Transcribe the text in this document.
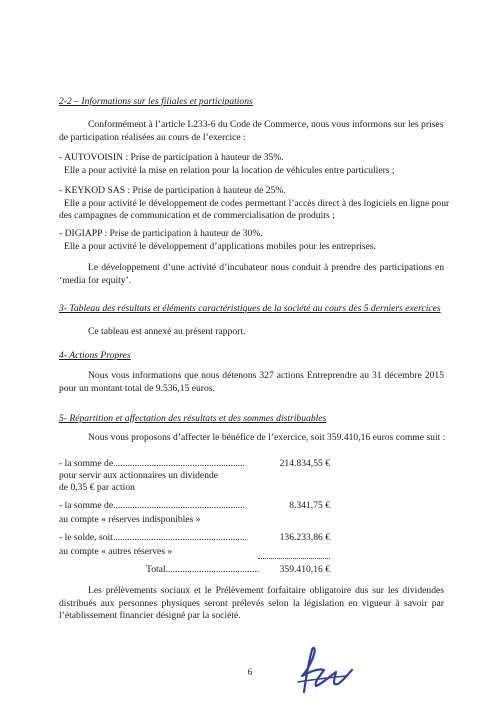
2-2 – Informations sur les filiales et participations
Conformément à l’article L233-6 du Code de Commerce, nous vous informons sur les prises
de participation réalisées au cours de l’exercice :
- AUTOVOISIN : Prise de participation à hauteur de 35%.
Elle a pour activité la mise en relation pour la location de véhicules entre particuliers ;
- KEYKOD SAS : Prise de participation à hauteur de 25%.
Elle a pour activité le développement de codes permettant l’accès direct à des logiciels en ligne pour
des campagnes de communication et de commercialisation de produits ;
- DIGIAPP : Prise de participation à hauteur de 30%.
Elle a pour activité le développement d’applications mobiles pour les entreprises.

Le développement d’une activité d’incubateur nous conduit à prendre des participations en ‘media for equity’.

3- Tableau des résultats et éléments caractéristiques de la société au cours des 5 derniers exercices

Ce tableau est annexé au présent rapport.

4- Actions Propres

Nous vous informations que nous détenons 327 actions Entreprendre au 31 décembre 2015 pour un montant total de 9.536,15 euros.

5- Répartition et affectation des résultats et des sommes distribuables

Nous vous proposons d’affecter le bénéfice de l’exercice, soit 359.410,16 euros comme suit :

- la somme de.......................................................	214.834,55 €
pour servir aux actionnaires un dividende
de 0,35 € par action
- la somme de.......................................................	8.341,75 €
au compte « réserves indisponibles »
- le solde, soit........................................................	136.233,86 €
au compte « autres réserves »
Total....................................... 359.410,16 €

Les prélèvements sociaux et le Prélèvement forfaitaire obligatoire dus sur les dividendes distribués aux personnes physiques seront prélevés selon la législation en vigueur à savoir par l’établissement financier désigné par la société.

6
